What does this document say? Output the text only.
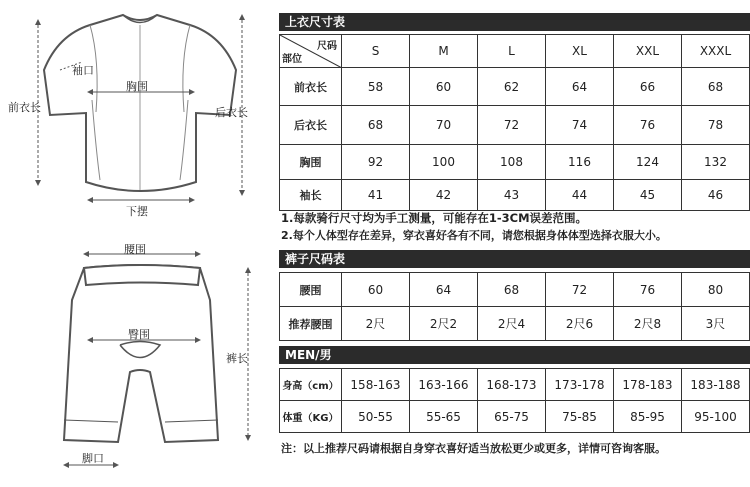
袖口
胸围
前衣长	后衣长
下摆
腰围
臀围
裤长
脚口
上衣尺寸表
尺码
部位	S	M	L	XL	XXL	XXXL
前衣长	58	60	62	64	66	68
后衣长	68	70	72	74	76	78
胸围	92	100	108	116	124	132
袖长	41	42	43	44	45	46
1.每款骑行尺寸均为手工测量，可能存在1-3CM误差范围。
2.每个人体型存在差异，穿衣喜好各有不同，请您根据身体体型选择衣服大小。
裤子尺码表
腰围	60	64	68	72	76	80
推荐腰围	2尺	2尺2	2尺4	2尺6	2尺8	3尺
MEN/男
身高（cm）	158-163	163-166	168-173	173-178	178-183	183-188
体重（KG）	50-55	55-65	65-75	75-85	85-95	95-100
注：以上推荐尺码请根据自身穿衣喜好适当放松更少或更多，详情可咨询客服。
